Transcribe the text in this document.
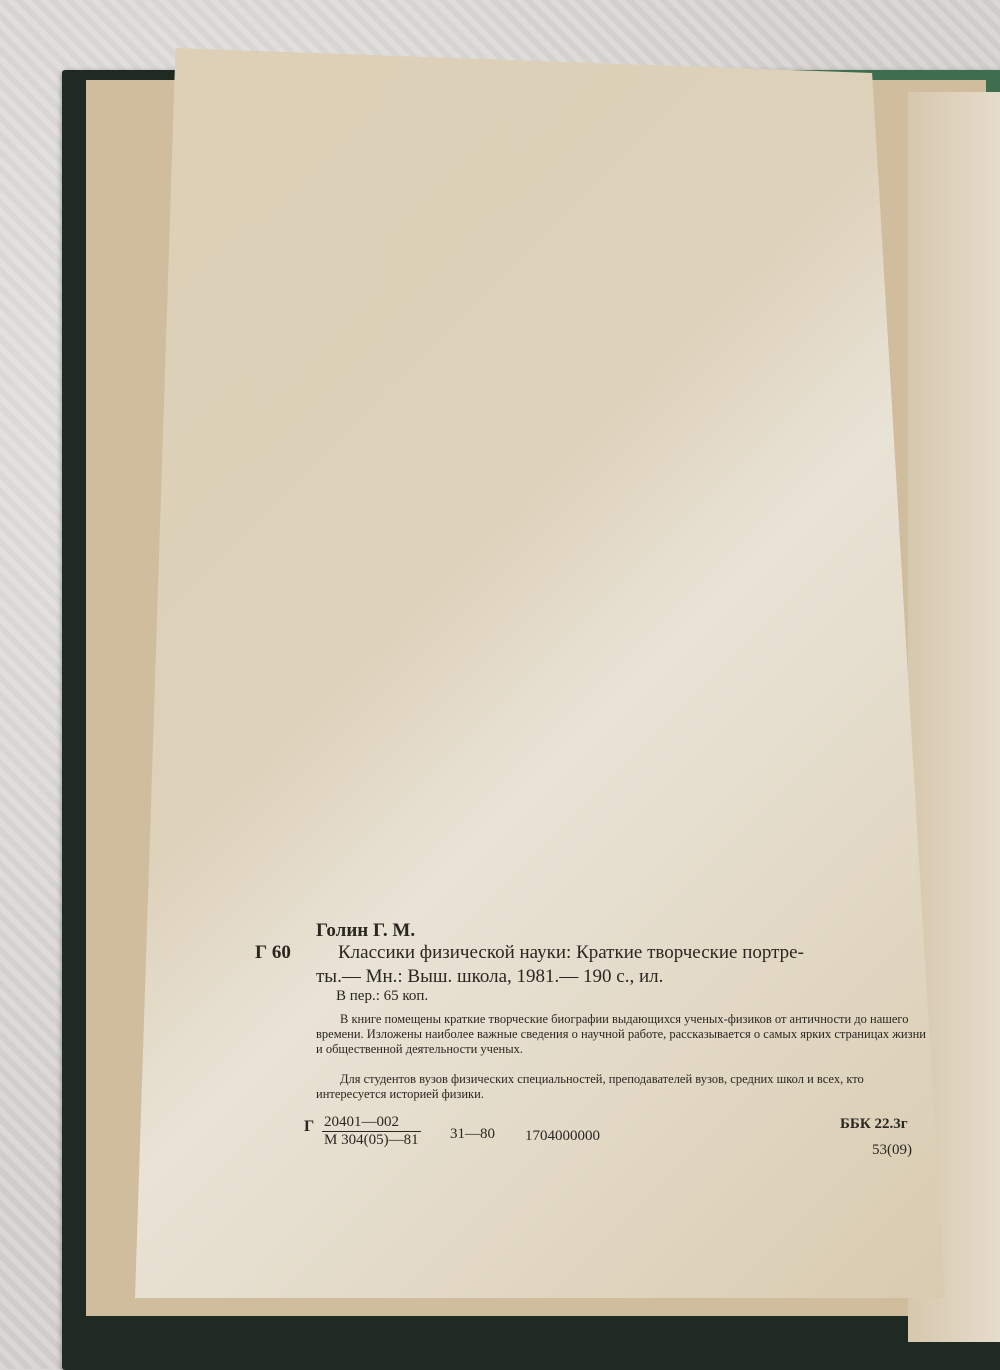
Голин Г. М.
Г 60 Классики физической науки: Краткие творческие портре-
ты.— Мн.: Выш. школа, 1981.— 190 с., ил.
В пер.: 65 коп.
В книге помещены краткие творческие биографии выдающихся ученых-физиков от античности до нашего времени. Изложены наиболее важные сведения о научной работе, рассказывается о самых ярких страницах жизни и общественной деятельности ученых.
Для студентов вузов физических специальностей, преподавателей вузов, средних школ и всех, кто интересуется историей физики.
Г 20401—002
М 304(05)—81 31—80 1704000000
ББК 22.3г
53(09)
